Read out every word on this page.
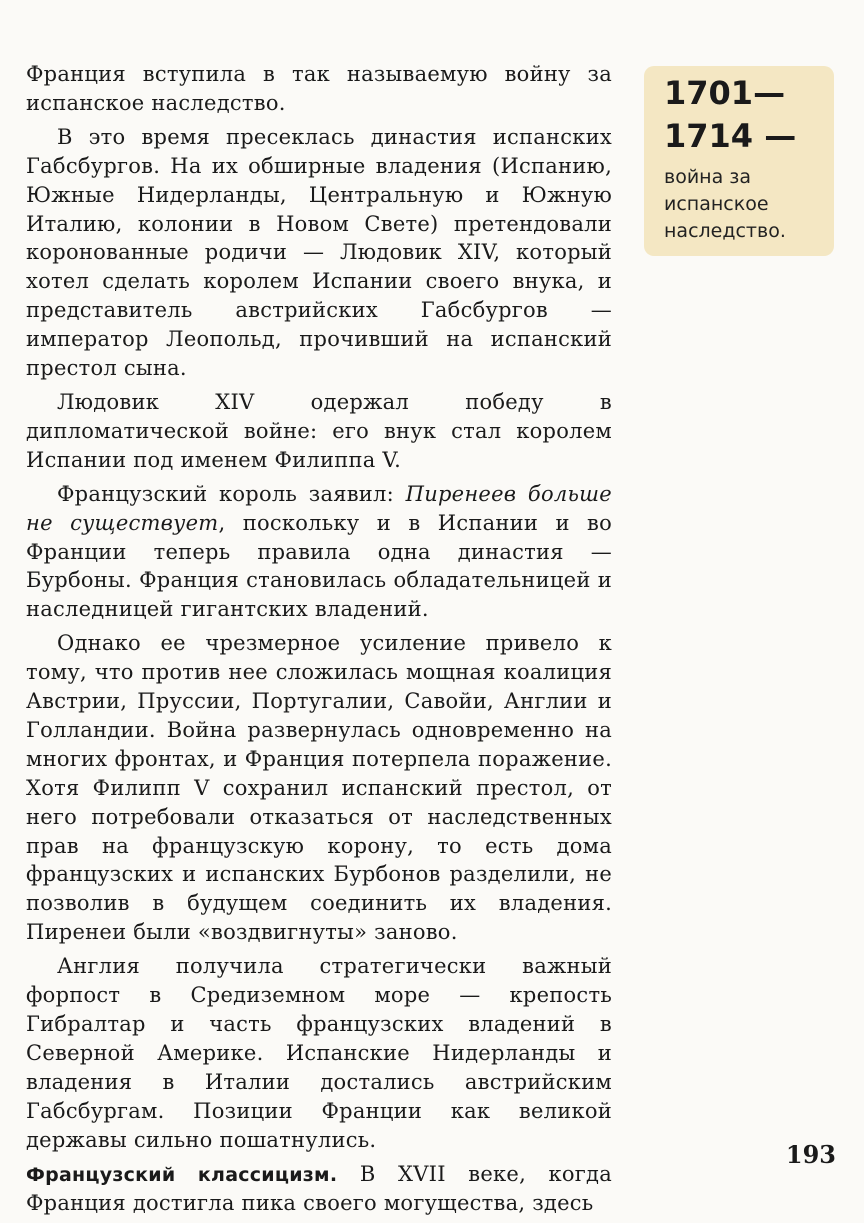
Франция вступила в так называемую войну за испанское наследство.

В это время пресеклась династия испанских Габсбургов. На их обширные владения (Испанию, Южные Нидерланды, Центральную и Южную Италию, колонии в Новом Свете) претендовали коронованные родичи — Людовик XIV, который хотел сделать королем Испании своего внука, и представитель австрийских Габсбургов — император Леопольд, прочивший на испанский престол сына.

Людовик XIV одержал победу в дипломатической войне: его внук стал королем Испании под именем Филиппа V.

Французский король заявил: Пиренеев больше не существует, поскольку и в Испании и во Франции теперь правила одна династия — Бурбоны. Франция становилась обладательницей и наследницей гигантских владений.

Однако ее чрезмерное усиление привело к тому, что против нее сложилась мощная коалиция Австрии, Пруссии, Португалии, Савойи, Англии и Голландии. Война развернулась одновременно на многих фронтах, и Франция потерпела поражение. Хотя Филипп V сохранил испанский престол, от него потребовали отказаться от наследственных прав на французскую корону, то есть дома французских и испанских Бурбонов разделили, не позволив в будущем соединить их владения. Пиренеи были «воздвигнуты» заново.

Англия получила стратегически важный форпост в Средиземном море — крепость Гибралтар и часть французских владений в Северной Америке. Испанские Нидерланды и владения в Италии достались австрийским Габсбургам. Позиции Франции как великой державы сильно пошатнулись.

Французский классицизм. В XVII веке, когда Франция достигла пика своего могущества, здесь

1701—
1714 —
война за
испанское
наследство.
193
